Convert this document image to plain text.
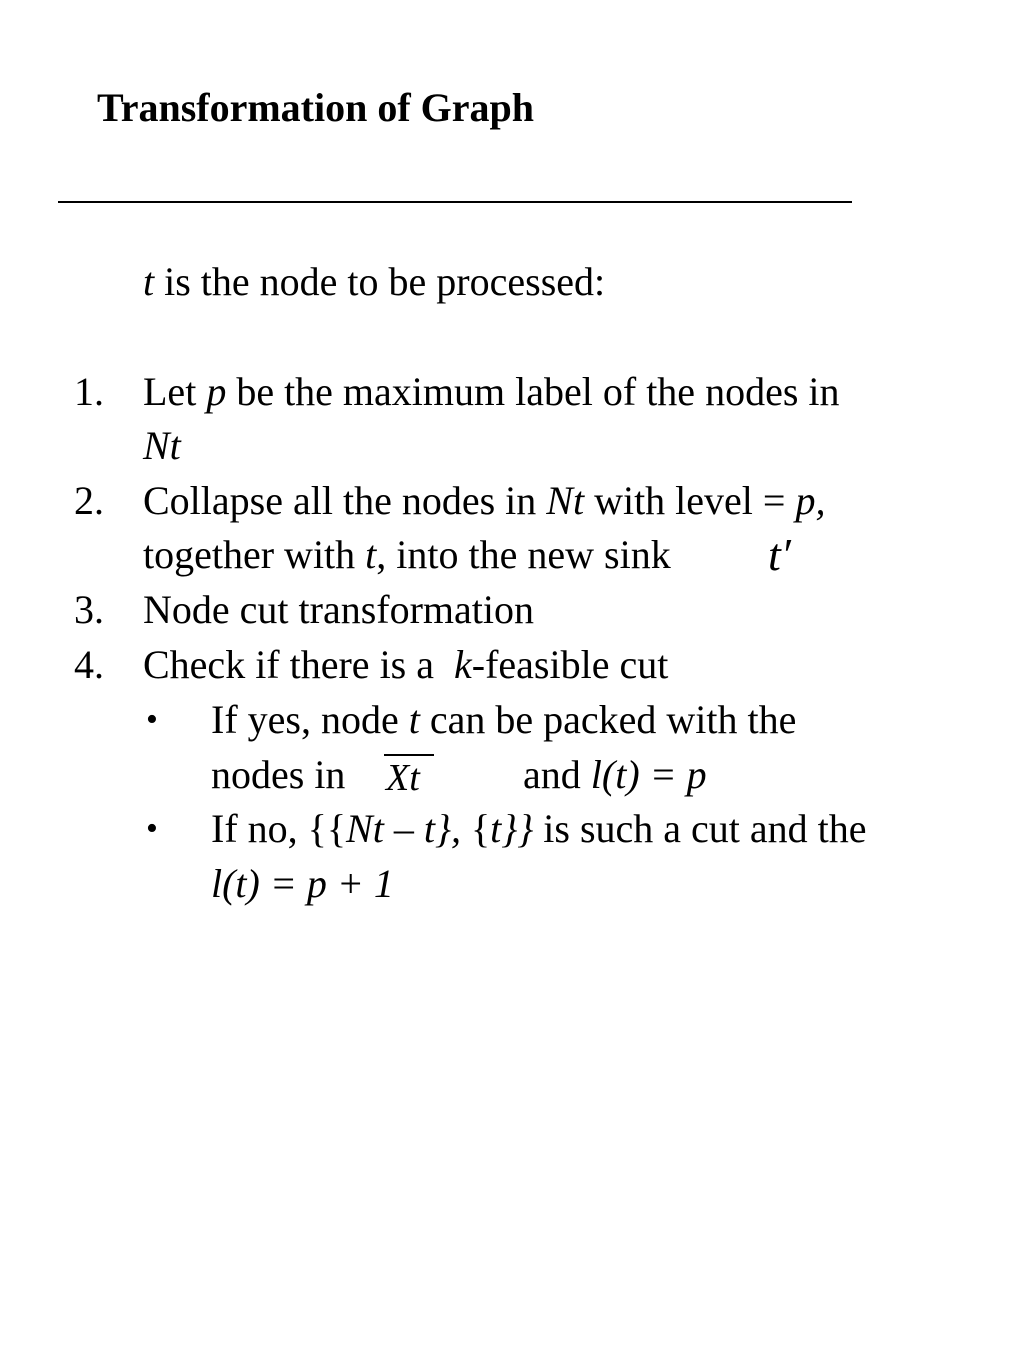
Transformation of Graph
t is the node to be processed:
1. Let p be the maximum label of the nodes in
Nt
2. Collapse all the nodes in Nt with level = p,
together with t, into the new sink t′
3. Node cut transformation
4. Check if there is a  k-feasible cut
• If yes, node t can be packed with the
nodes in Xt	and l(t) = p
• If no, {{Nt – t}, {t}} is such a cut and the
l(t) = p + 1
